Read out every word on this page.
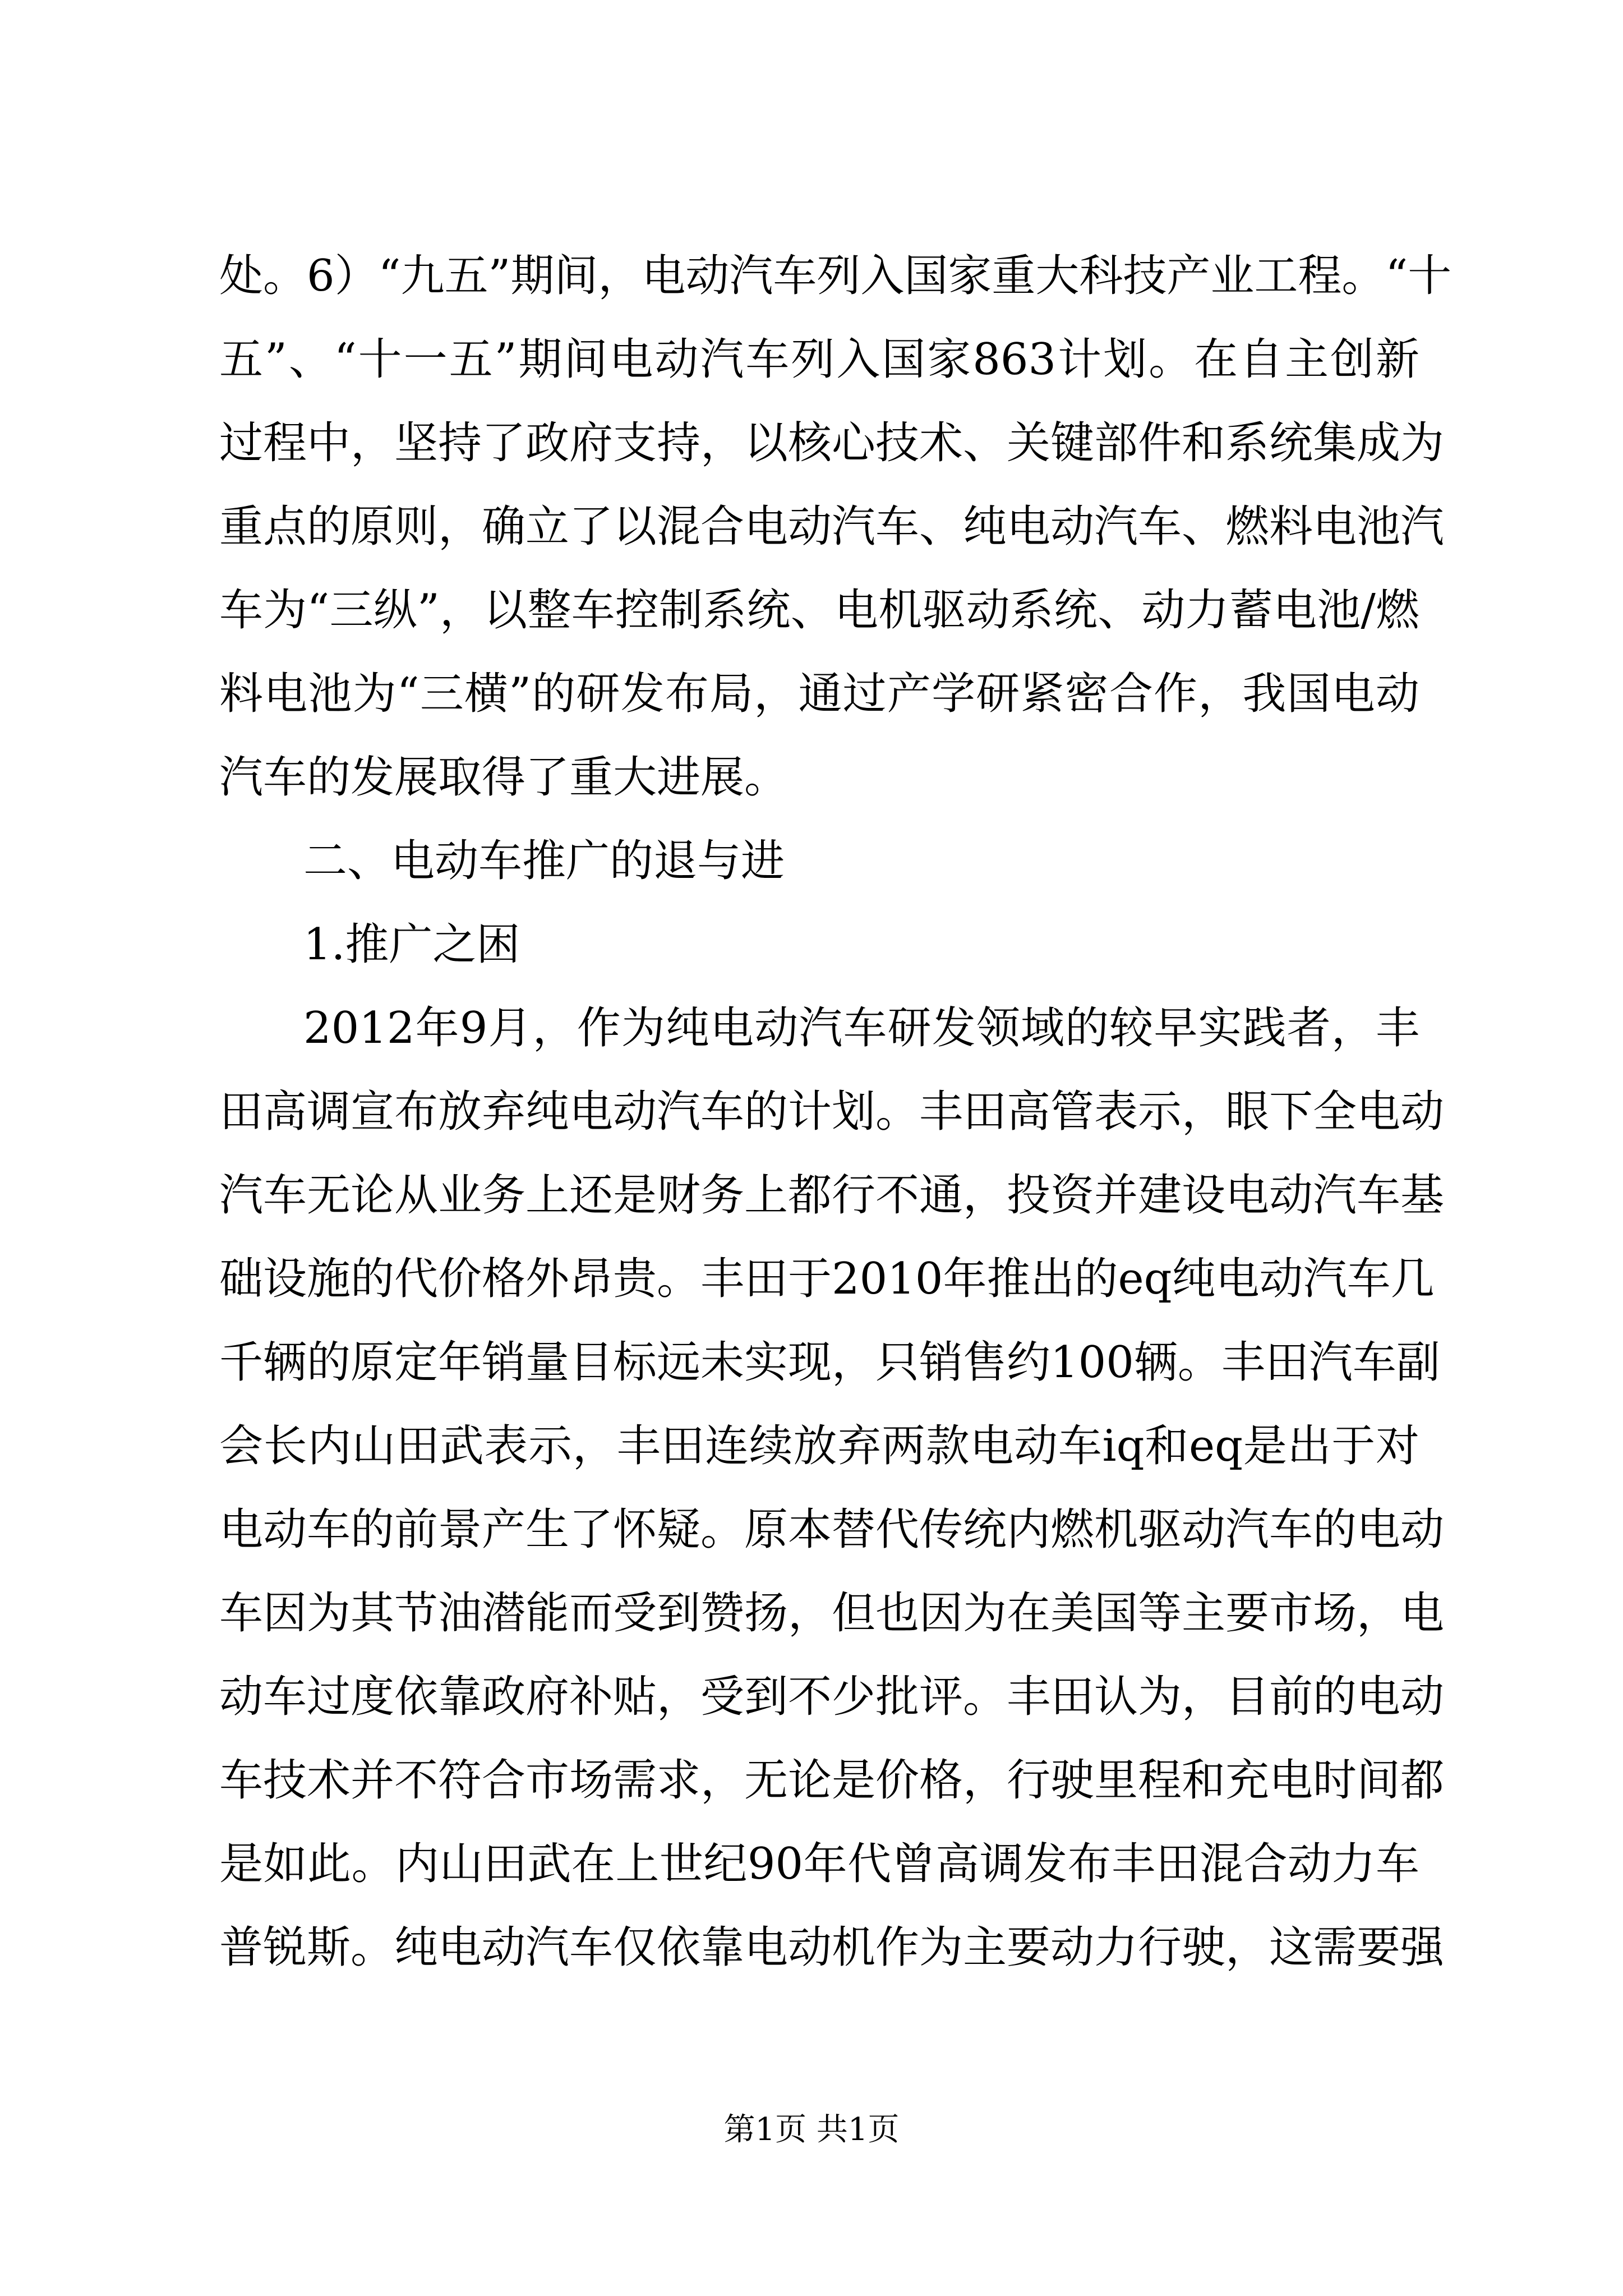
处。6）“九五”期间，电动汽车列入国家重大科技产业工程。“十
五”、“十一五”期间电动汽车列入国家863计划。在自主创新
过程中，坚持了政府支持，以核心技术、关键部件和系统集成为
重点的原则，确立了以混合电动汽车、纯电动汽车、燃料电池汽
车为“三纵”，以整车控制系统、电机驱动系统、动力蓄电池/燃
料电池为“三横”的研发布局，通过产学研紧密合作，我国电动
汽车的发展取得了重大进展。
二、电动车推广的退与进
1.推广之困
2012年9月，作为纯电动汽车研发领域的较早实践者，丰
田高调宣布放弃纯电动汽车的计划。丰田高管表示，眼下全电动
汽车无论从业务上还是财务上都行不通，投资并建设电动汽车基
础设施的代价格外昂贵。丰田于2010年推出的eq纯电动汽车几
千辆的原定年销量目标远未实现，只销售约100辆。丰田汽车副
会长内山田武表示，丰田连续放弃两款电动车iq和eq是出于对
电动车的前景产生了怀疑。原本替代传统内燃机驱动汽车的电动
车因为其节油潜能而受到赞扬，但也因为在美国等主要市场，电
动车过度依靠政府补贴，受到不少批评。丰田认为，目前的电动
车技术并不符合市场需求，无论是价格，行驶里程和充电时间都
是如此。内山田武在上世纪90年代曾高调发布丰田混合动力车
普锐斯。纯电动汽车仅依靠电动机作为主要动力行驶，这需要强
第1页 共1页
